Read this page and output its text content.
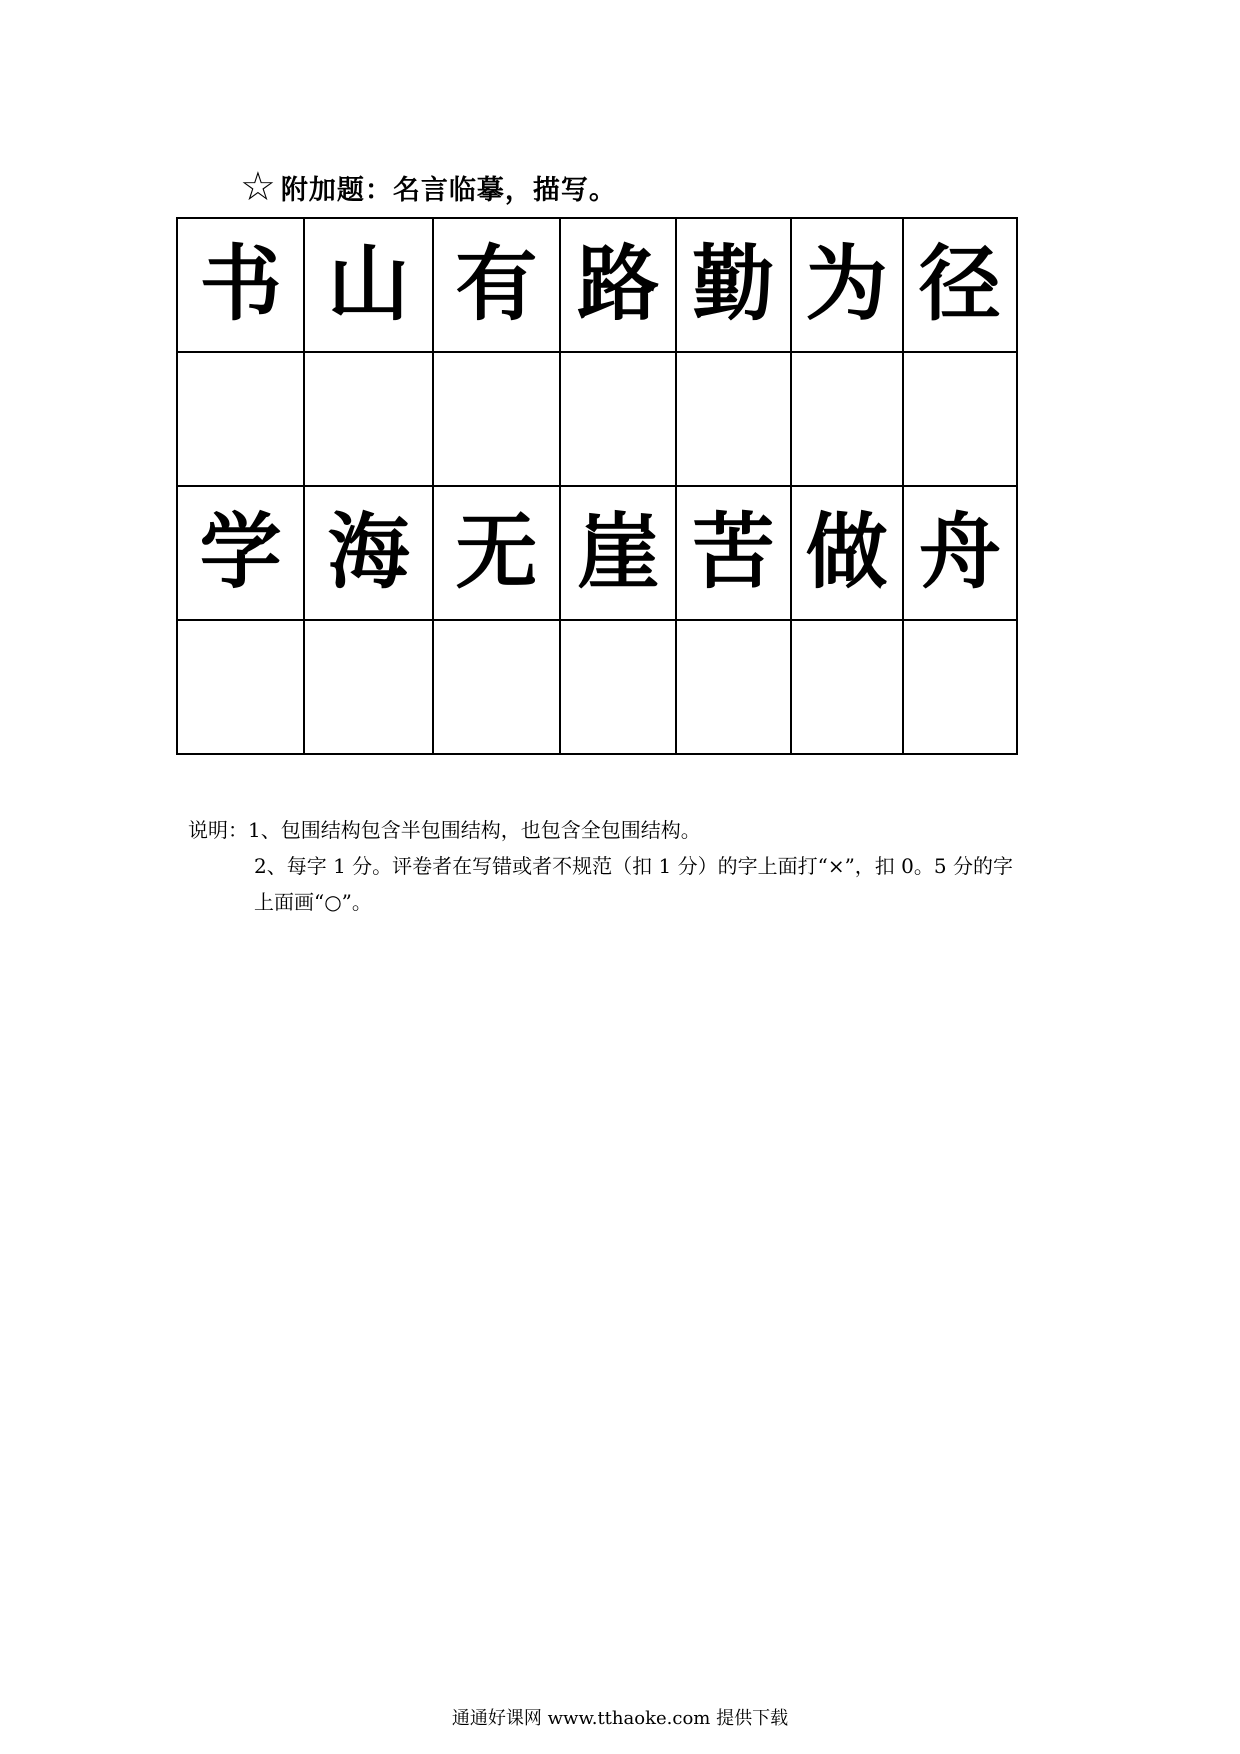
☆ 附加题：名言临摹，描写。
书	山	有	路	勤	为	径

学	海	无	崖	苦	做	舟

说明：1、包围结构包含半包围结构，也包含全包围结构。
2、每字 1 分。评卷者在写错或者不规范（扣 1 分）的字上面打“×”，扣 0。5 分的字
上面画“○”。
通通好课网 www.tthaoke.com 提供下载
